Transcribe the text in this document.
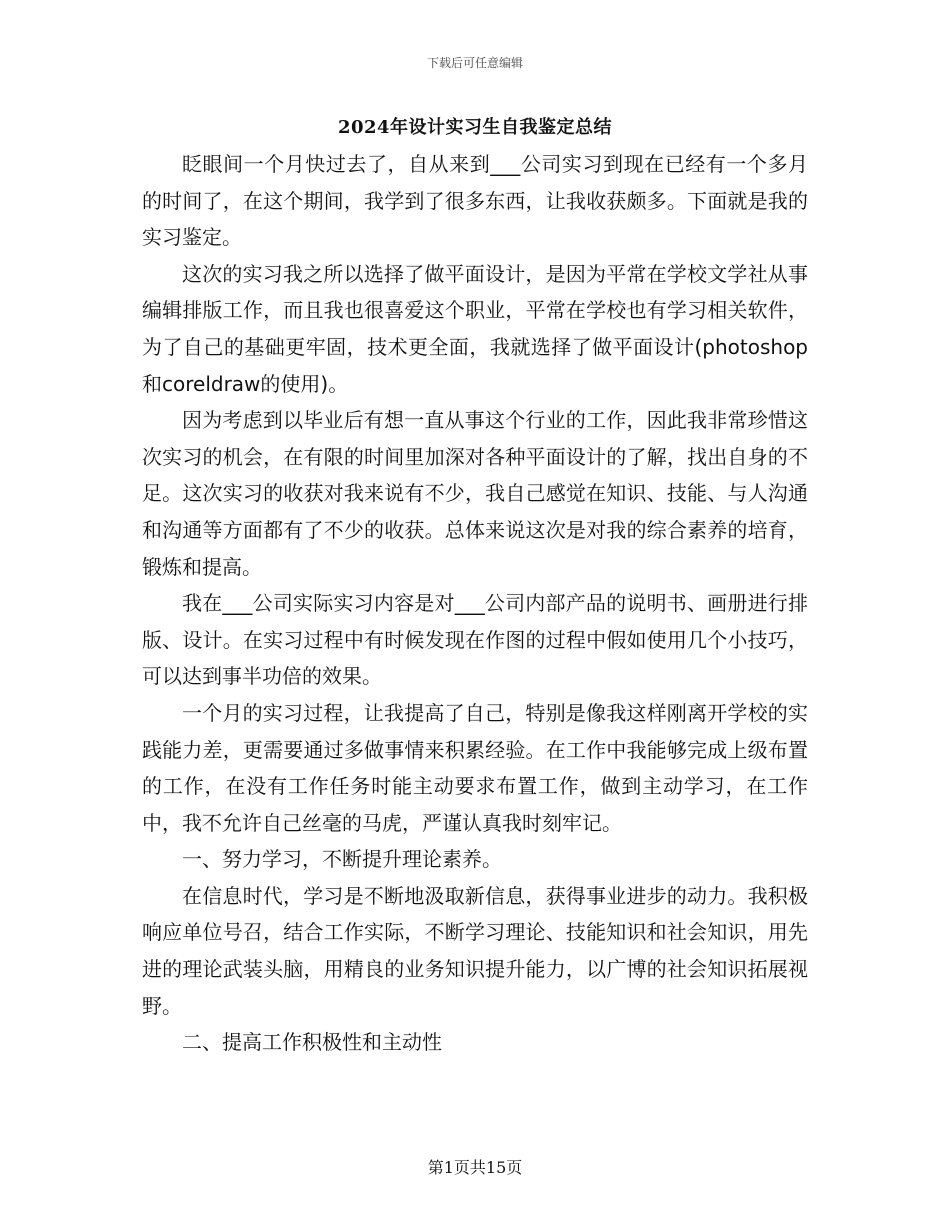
下载后可任意编辑
2024年设计实习生自我鉴定总结

眨眼间一个月快过去了，自从来到___公司实习到现在已经有一个多月的时间了，在这个期间，我学到了很多东西，让我收获颇多。下面就是我的实习鉴定。

这次的实习我之所以选择了做平面设计，是因为平常在学校文学社从事编辑排版工作，而且我也很喜爱这个职业，平常在学校也有学习相关软件，为了自己的基础更牢固，技术更全面，我就选择了做平面设计(photoshop和coreldraw的使用)。

因为考虑到以毕业后有想一直从事这个行业的工作，因此我非常珍惜这次实习的机会，在有限的时间里加深对各种平面设计的了解，找出自身的不足。这次实习的收获对我来说有不少，我自己感觉在知识、技能、与人沟通和沟通等方面都有了不少的收获。总体来说这次是对我的综合素养的培育，锻炼和提高。

我在___公司实际实习内容是对___公司内部产品的说明书、画册进行排版、设计。在实习过程中有时候发现在作图的过程中假如使用几个小技巧，可以达到事半功倍的效果。

一个月的实习过程，让我提高了自己，特别是像我这样刚离开学校的实践能力差，更需要通过多做事情来积累经验。在工作中我能够完成上级布置的工作，在没有工作任务时能主动要求布置工作，做到主动学习，在工作中，我不允许自己丝毫的马虎，严谨认真我时刻牢记。

一、努力学习，不断提升理论素养。

在信息时代，学习是不断地汲取新信息，获得事业进步的动力。我积极响应单位号召，结合工作实际，不断学习理论、技能知识和社会知识，用先进的理论武装头脑，用精良的业务知识提升能力，以广博的社会知识拓展视野。

二、提高工作积极性和主动性

第1页共15页
